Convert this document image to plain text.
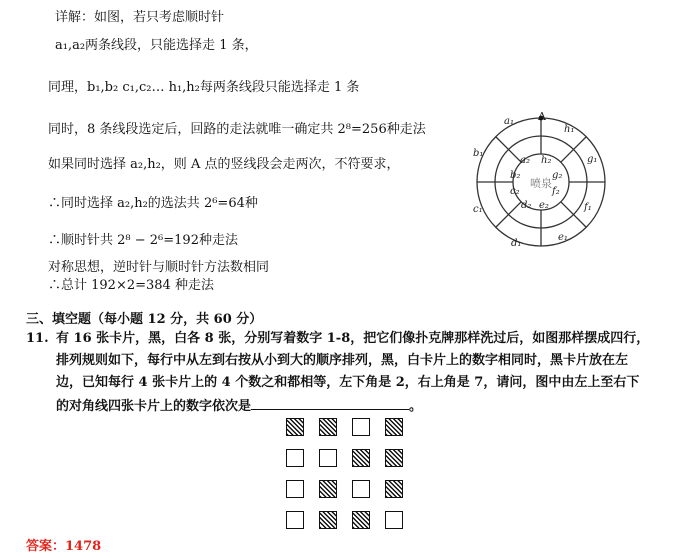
详解：如图，若只考虑顺时针
a₁,a₂两条线段，只能选择走 1 条，
同理，b₁,b₂ c₁,c₂… h₁,h₂每两条线段只能选择走 1 条
同时，8 条线段选定后，回路的走法就唯一确定共 2⁸=256种走法
如果同时选择 a₂,h₂，则 A 点的竖线段会走两次，不符要求，
∴同时选择 a₂,h₂的选法共 2⁶=64种
∴顺时针共 2⁸ − 2⁶=192种走法
对称思想，逆时针与顺时针方法数相同
∴总计 192×2=384 种走法
A
喷泉
a₁
h₁
g₁
f₁
e₁
d₁
c₁
b₁
a₂ h₂
g₂
f₂
e₂
d₂
c₂
b₂
三、填空题（每小题 12 分，共 60 分）
11. 有 16 张卡片，黑，白各 8 张，分别写着数字 1-8，把它们像扑克牌那样洗过后，如图那样摆成四行，
排列规则如下，每行中从左到右按从小到大的顺序排列，黑，白卡片上的数字相同时，黑卡片放在左
边，已知每行 4 张卡片上的 4 个数之和都相等，左下角是 2，右上角是 7，请问，图中由左上至右下
的对角线四张卡片上的数字依次是	。
答案：1478
